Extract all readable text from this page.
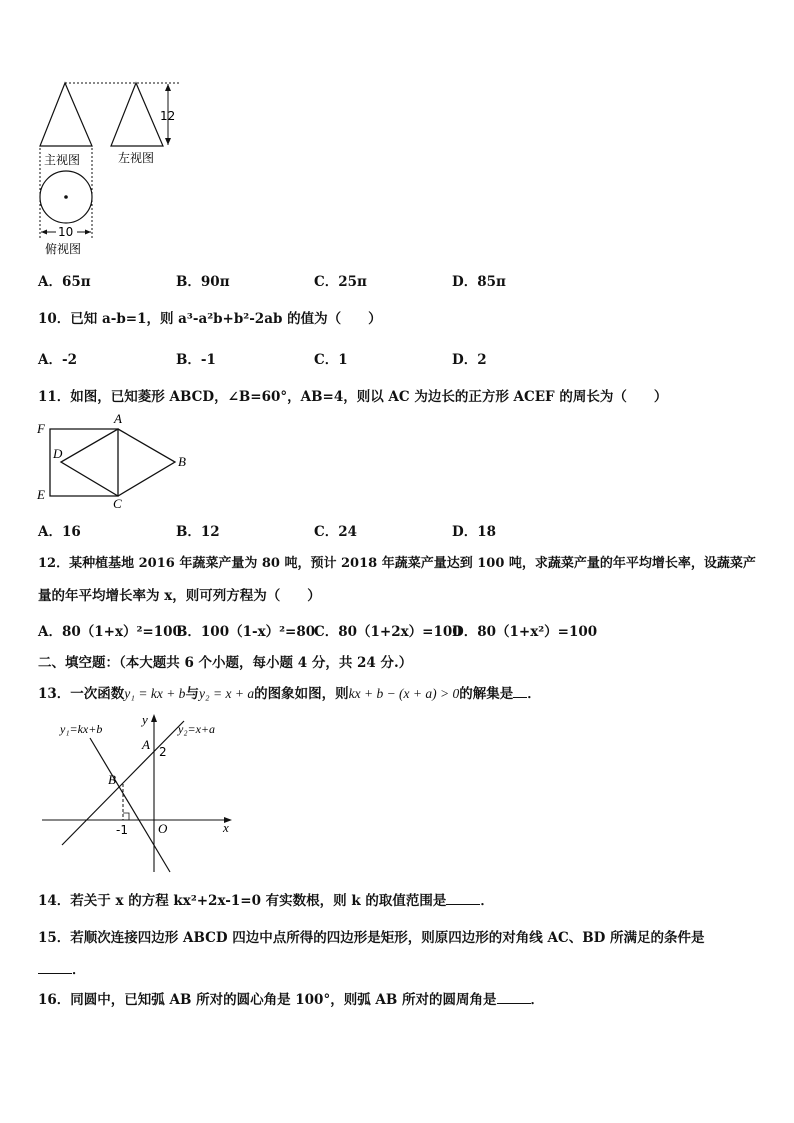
12
主视图	左视图
10
俯视图
A．65π	B．90π	C．25π	D．85π
10．已知 a-b=1，则 a³-a²b+b²-2ab 的值为（　　）
A．-2	B．-1	C．1	D．2
11．如图，已知菱形 ABCD，∠B=60°，AB=4，则以 AC 为边长的正方形 ACEF 的周长为（　　）
F
A
D
B
E
C
A．16	B．12	C．24	D．18
12．某种植基地 2016 年蔬菜产量为 80 吨，预计 2018 年蔬菜产量达到 100 吨，求蔬菜产量的年平均增长率，设蔬菜产
量的年平均增长率为 x，则可列方程为（　　）
A．80（1+x）²=100
B．100（1-x）²=80
C．80（1+2x）=100
D．80（1+x²）=100
二、填空题：（本大题共 6 个小题，每小题 4 分，共 24 分.）
13．一次函数y₁ = kx + b与y₂ = x + a的图象如图，则kx + b − (x + a) > 0的解集是 ．
y₁=kx+b	y₂=x+a
y
x
A 2
B
O
-1
14．若关于 x 的方程 kx²+2x-1=0 有实数根，则 k 的取值范围是	．
15．若顺次连接四边形 ABCD 四边中点所得的四边形是矩形，则原四边形的对角线 AC、BD 所满足的条件是
．
16．同圆中，已知弧 AB 所对的圆心角是 100°，则弧 AB 所对的圆周角是	．
